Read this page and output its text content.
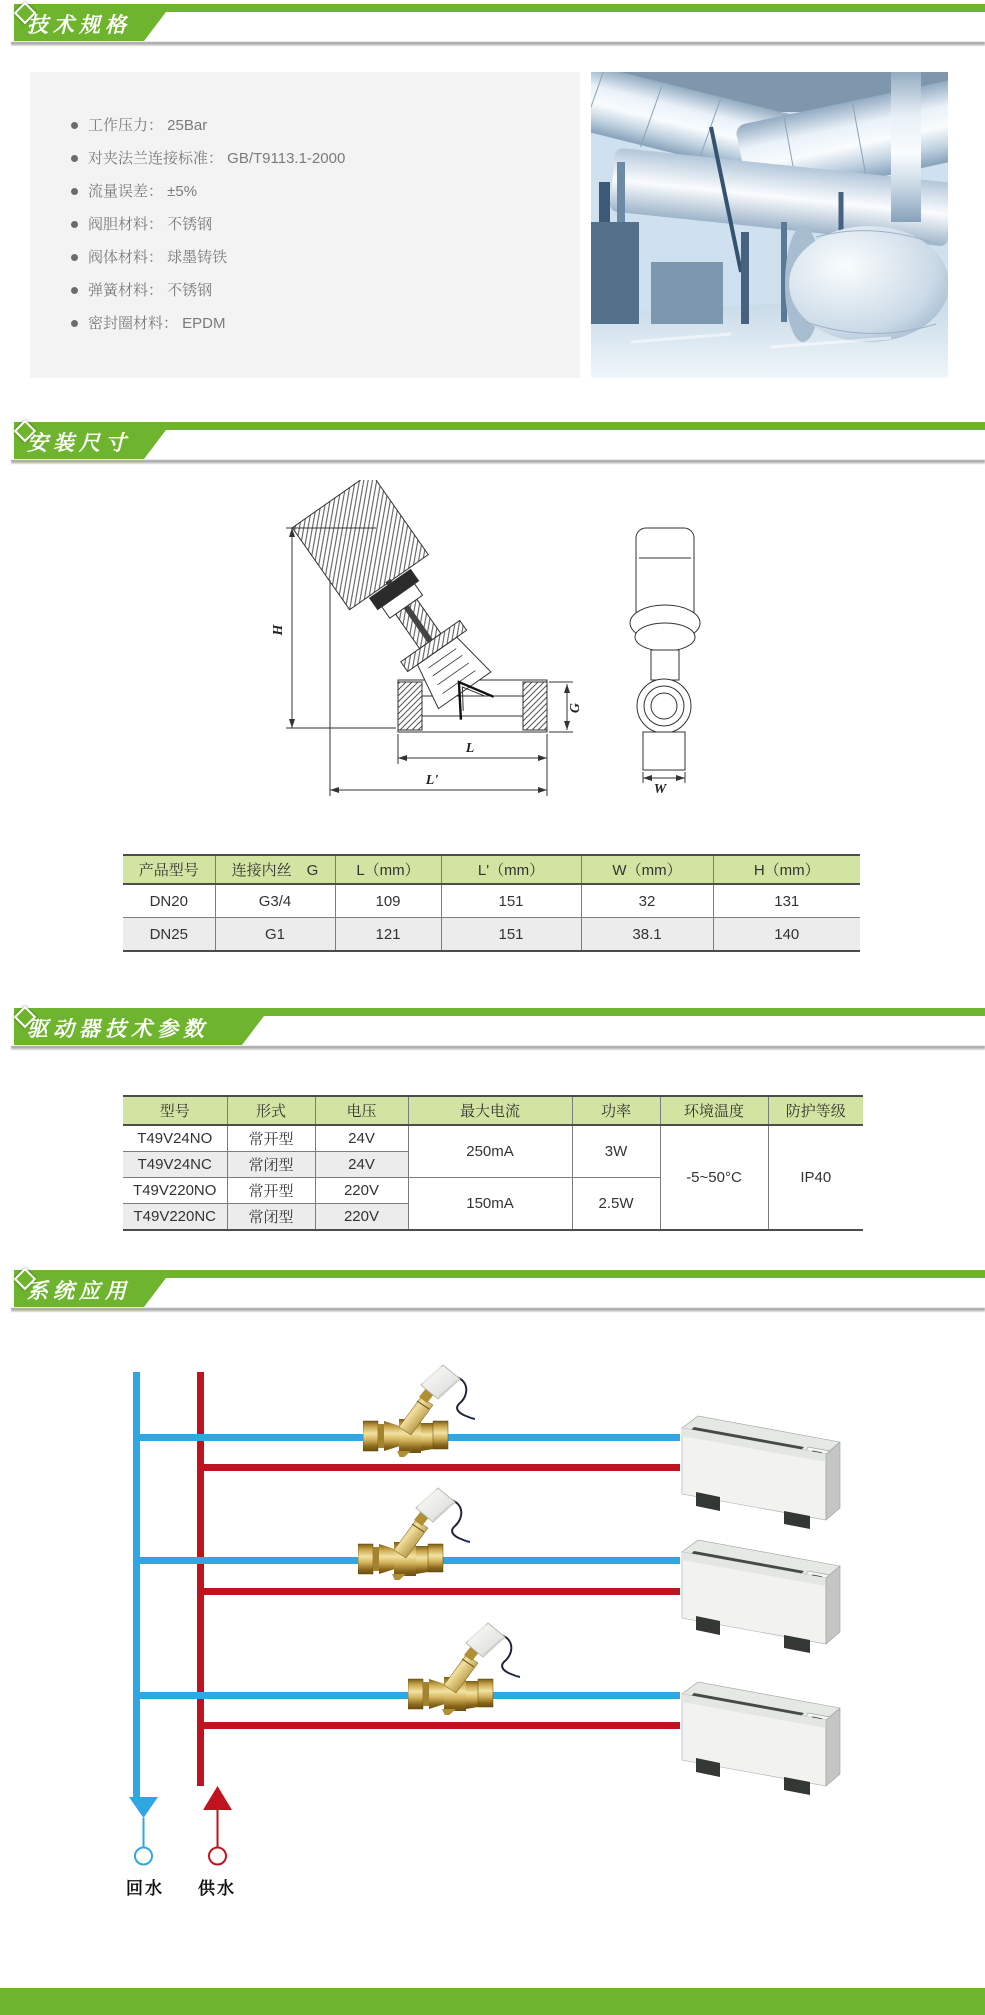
技术规格
工作压力： 25Bar
对夹法兰连接标准： GB/T9113.1-2000
流量误差： ±5%
阀胆材料： 不锈钢
阀体材料： 球墨铸铁
弹簧材料： 不锈钢
密封圈材料： EPDM
安装尺寸
H
G
L
L'
W
产品型号	连接内丝　G	L（mm）	L'（mm）	W（mm）	H（mm）
DN20	G3/4	109	151	32	131
DN25	G1	121	151	38.1	140
驱动器技术参数
型号	形式	电压	最大电流	功率	环境温度	防护等级
T49V24NO	常开型	24V	250mA	3W	-5~50°C	IP40
T49V24NC	常闭型	24V				
T49V220NO	常开型	220V	150mA	2.5W		
T49V220NC	常闭型	220V				
系统应用
回水 供水
